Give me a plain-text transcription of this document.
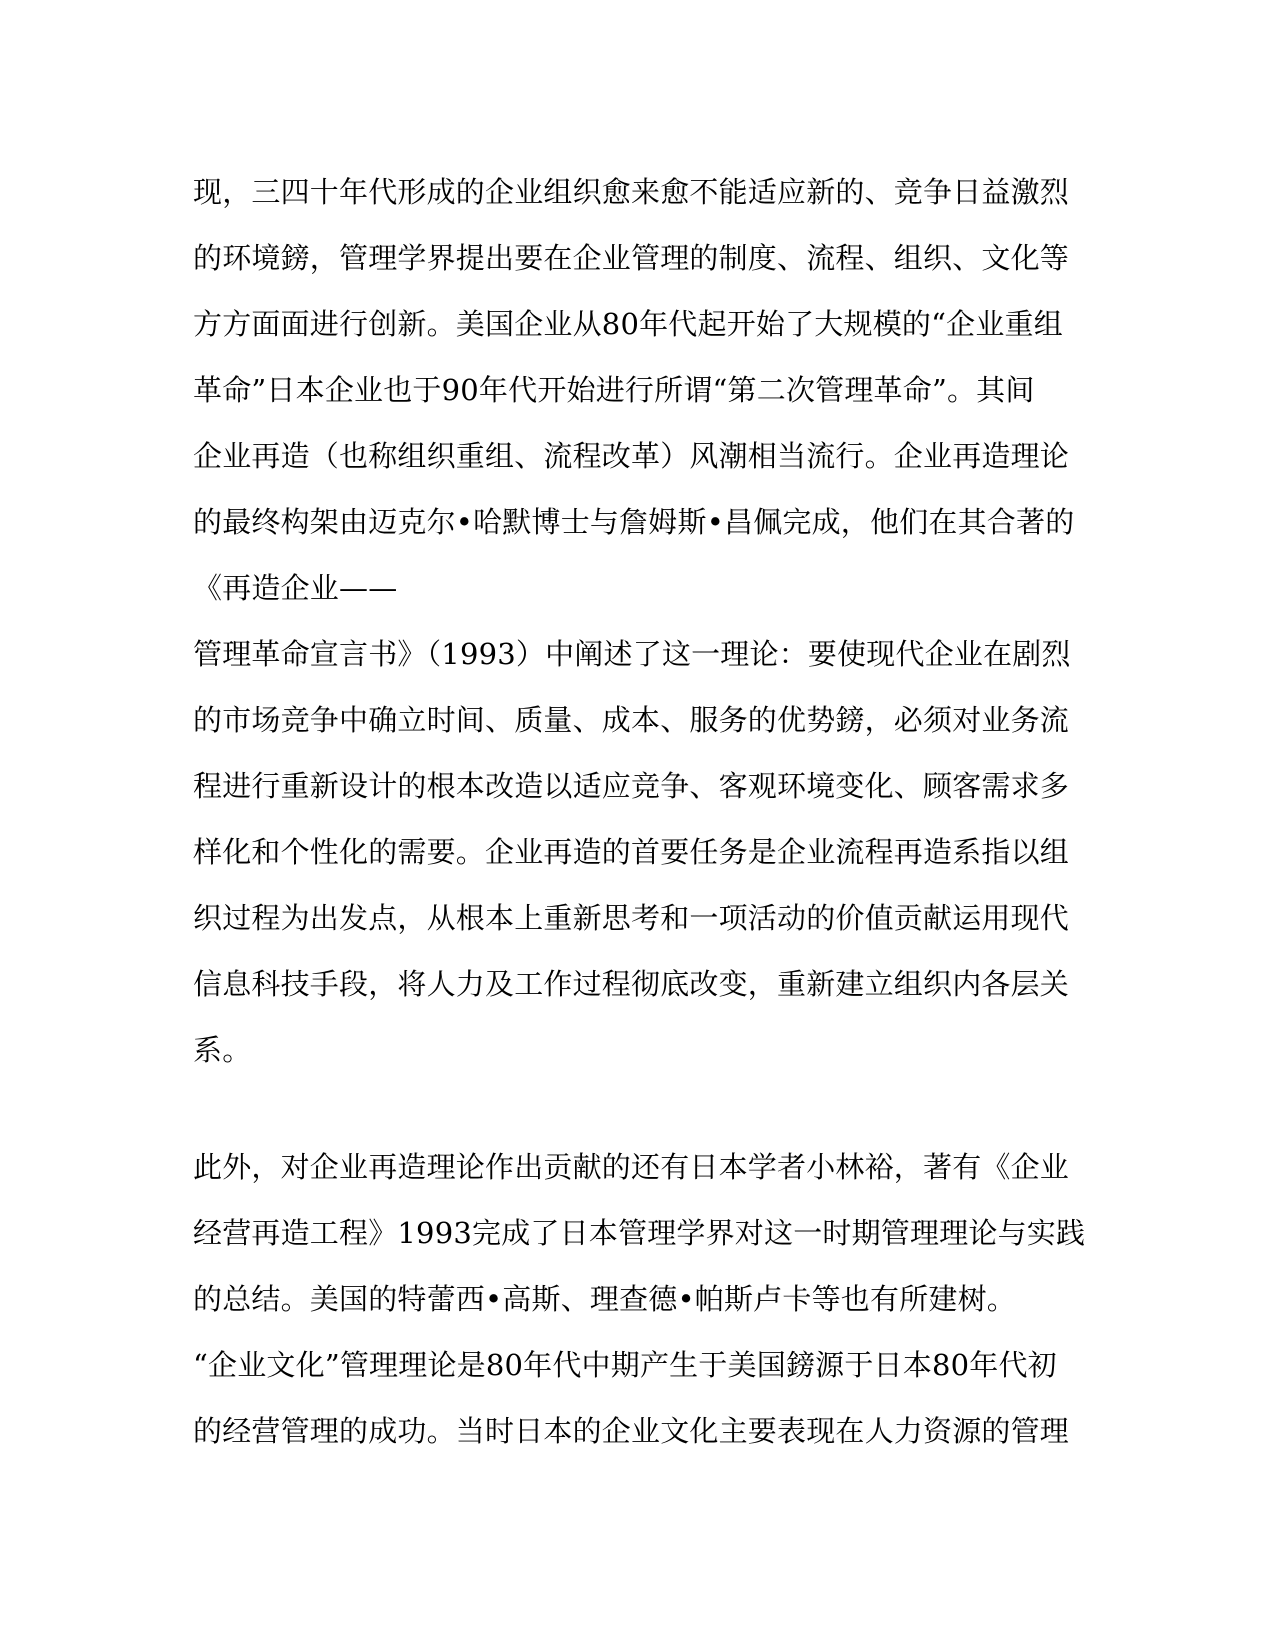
现，三四十年代形成的企业组织愈来愈不能适应新的、竞争日益激烈
的环境鎊，管理学界提出要在企业管理的制度、流程、组织、文化等
方方面面进行创新。美国企业从80年代起开始了大规模的“企业重组
革命”日本企业也于90年代开始进行所谓“第二次管理革命”。其间
企业再造（也称组织重组、流程改革）风潮相当流行。企业再造理论
的最终构架由迈克尔•哈默博士与詹姆斯•昌佩完成，他们在其合著的
《再造企业——
管理革命宣言书》（1993）中阐述了这一理论：要使现代企业在剧烈
的市场竞争中确立时间、质量、成本、服务的优势鎊，必须对业务流
程进行重新设计的根本改造以适应竞争、客观环境变化、顾客需求多
样化和个性化的需要。企业再造的首要任务是企业流程再造系指以组
织过程为出发点，从根本上重新思考和一项活动的价值贡献运用现代
信息科技手段，将人力及工作过程彻底改变，重新建立组织内各层关
系。
此外，对企业再造理论作出贡献的还有日本学者小林裕，著有《企业
经营再造工程》1993完成了日本管理学界对这一时期管理理论与实践
的总结。美国的特蕾西•高斯、理查德•帕斯卢卡等也有所建树。
“企业文化”管理理论是80年代中期产生于美国鎊源于日本80年代初
的经营管理的成功。当时日本的企业文化主要表现在人力资源的管理
